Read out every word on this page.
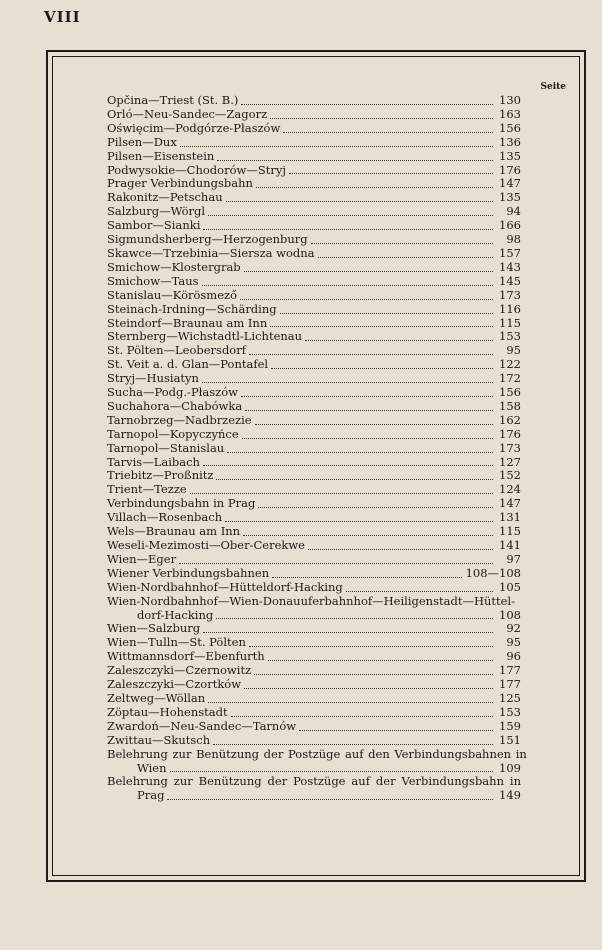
VIII
Seite
Opčina—Triest (St. B.)	130
Orló—Neu-Sandec—Zagorz	163
Oświęcim—Podgórze-Płaszów	156
Pilsen—Dux	136
Pilsen—Eisenstein	135
Podwysokie—Chodorów—Stryj	176
Prager Verbindungsbahn	147
Rakonitz—Petschau	135
Salzburg—Wörgl	94
Sambor—Sianki	166
Sigmundsherberg—Herzogenburg	98
Skawce—Trzebinia—Siersza wodna	157
Smichow—Klostergrab	143
Smichow—Taus	145
Stanislau—Körösmező	173
Steinach-Irdning—Schärding	116
Steindorf—Braunau am Inn	115
Sternberg—Wichstadtl-Lichtenau	153
St. Pölten—Leobersdorf	95
St. Veit a. d. Glan—Pontafel	122
Stryj—Husiatyn	172
Sucha—Podg.-Płaszów	156
Suchahora—Chabówka	158
Tarnobrzeg—Nadbrzezie	162
Tarnopol—Kopyczyńce	176
Tarnopol—Stanislau	173
Tarvis—Laibach	127
Triebitz—Proßnitz	152
Trient—Tezze	124
Verbindungsbahn in Prag	147
Villach—Rosenbach	131
Wels—Braunau am Inn	115
Weseli-Mezimosti—Ober-Cerekwe	141
Wien—Eger	97
Wiener Verbindungsbahnen	108—108
Wien-Nordbahnhof—Hütteldorf-Hacking	105
Wien-Nordbahnhof—Wien-Donauuferbahnhof—Heiligenstadt—Hüttel-
dorf-Hacking	108
Wien—Salzburg	92
Wien—Tulln—St. Pölten	95
Wittmannsdorf—Ebenfurth	96
Zaleszczyki—Czernowitz	177
Zaleszczyki—Czortków	177
Zeltweg—Wöllan	125
Zöptau—Hohenstadt	153
Zwardoń—Neu-Sandec—Tarnów	159
Zwittau—Skutsch	151
Belehrung zur Benützung der Postzüge auf den Verbindungsbahnen in
Wien	109
Belehrung zur Benützung der Postzüge auf der Verbindungsbahn in
Prag	149
